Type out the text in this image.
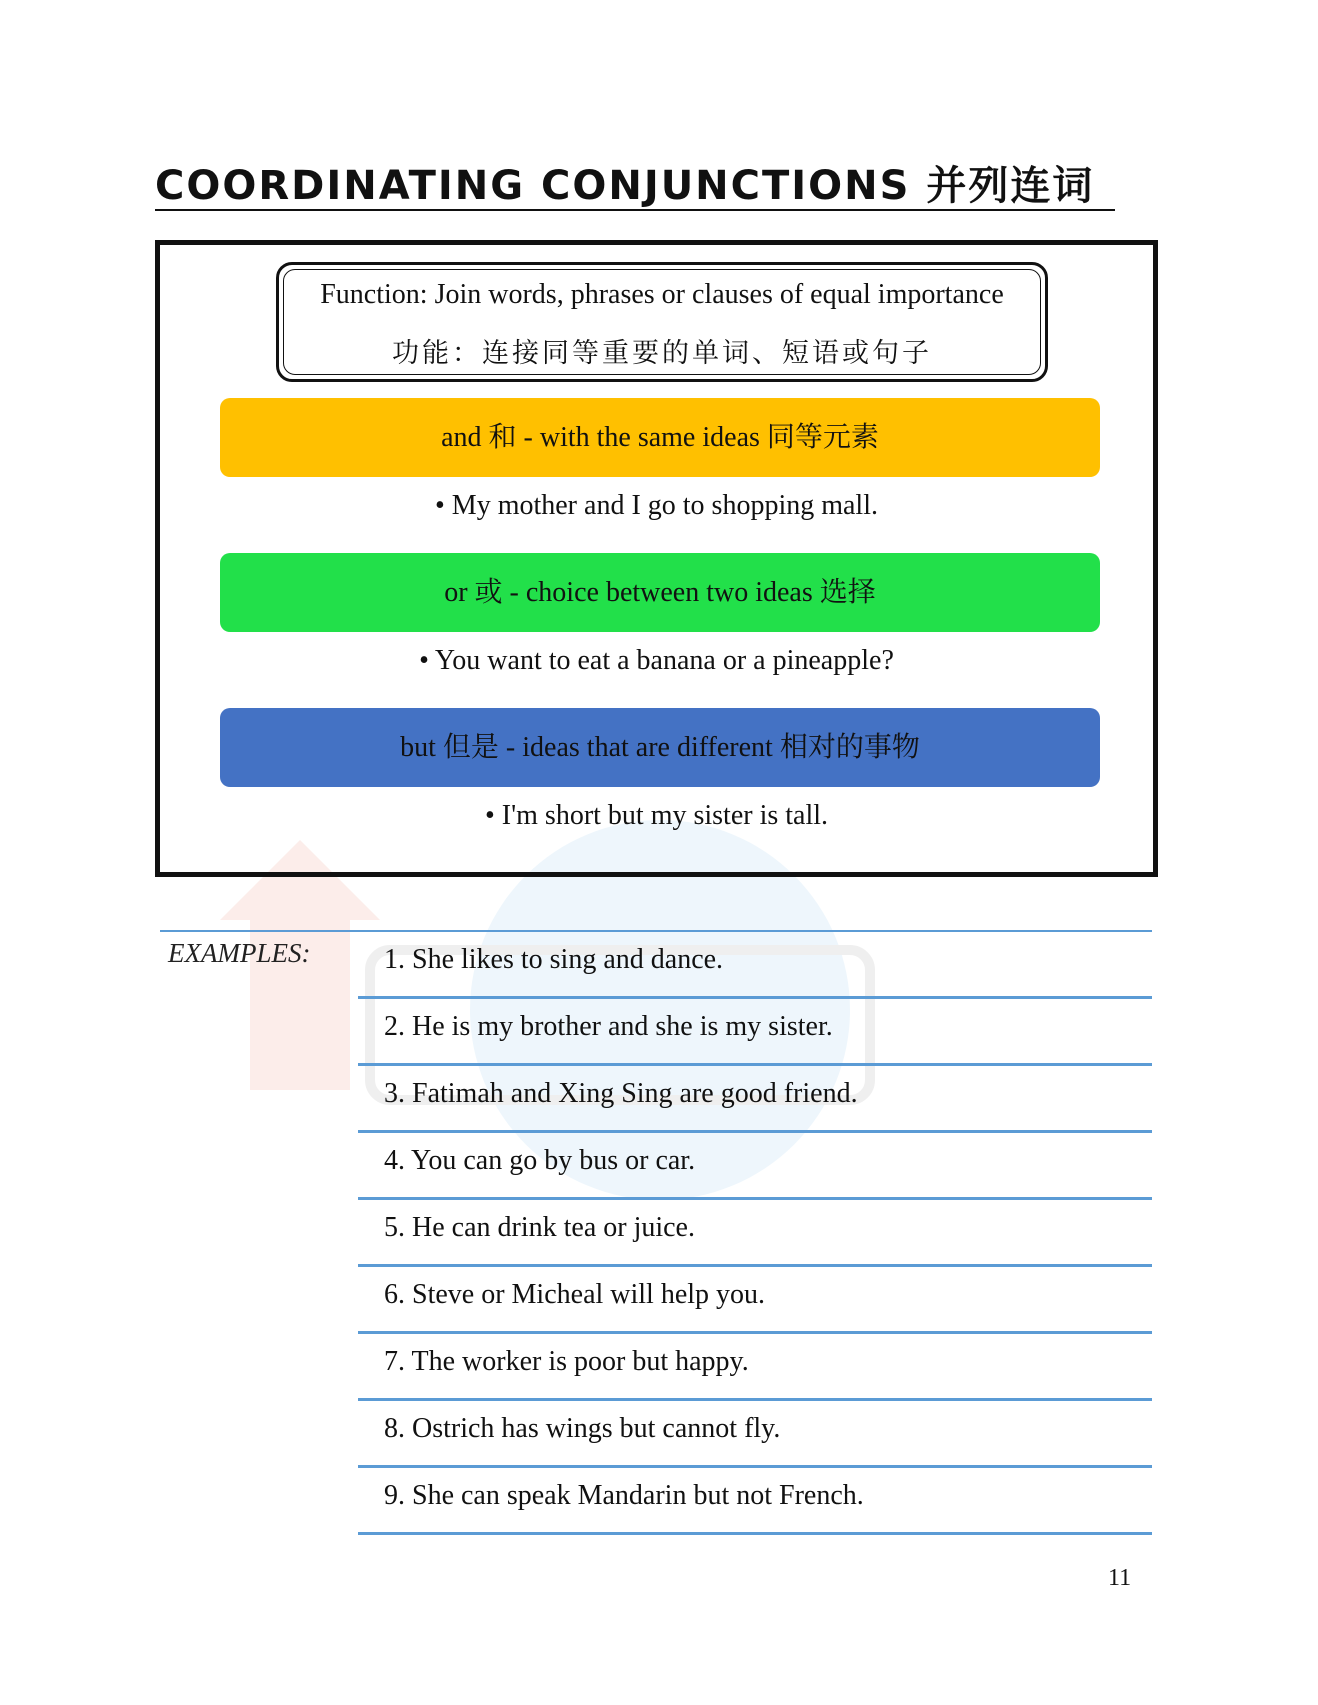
COORDINATING CONJUNCTIONS 并列连词
Function: Join words, phrases or clauses of equal importance
功能：连接同等重要的单词、短语或句子
and 和 - with the same ideas 同等元素
• My mother and I go to shopping mall.
or 或 - choice between two ideas 选择
• You want to eat a banana or a pineapple?
but 但是 - ideas that are different 相对的事物
• I'm short but my sister is tall.
EXAMPLES:	1. She likes to sing and dance.
2. He is my brother and she is my sister.
3. Fatimah and Xing Sing are good friend.
4. You can go by bus or car.
5. He can drink tea or juice.
6. Steve or Micheal will help you.
7. The worker is poor but happy.
8. Ostrich has wings but cannot fly.
9. She can speak Mandarin but not French.
11
